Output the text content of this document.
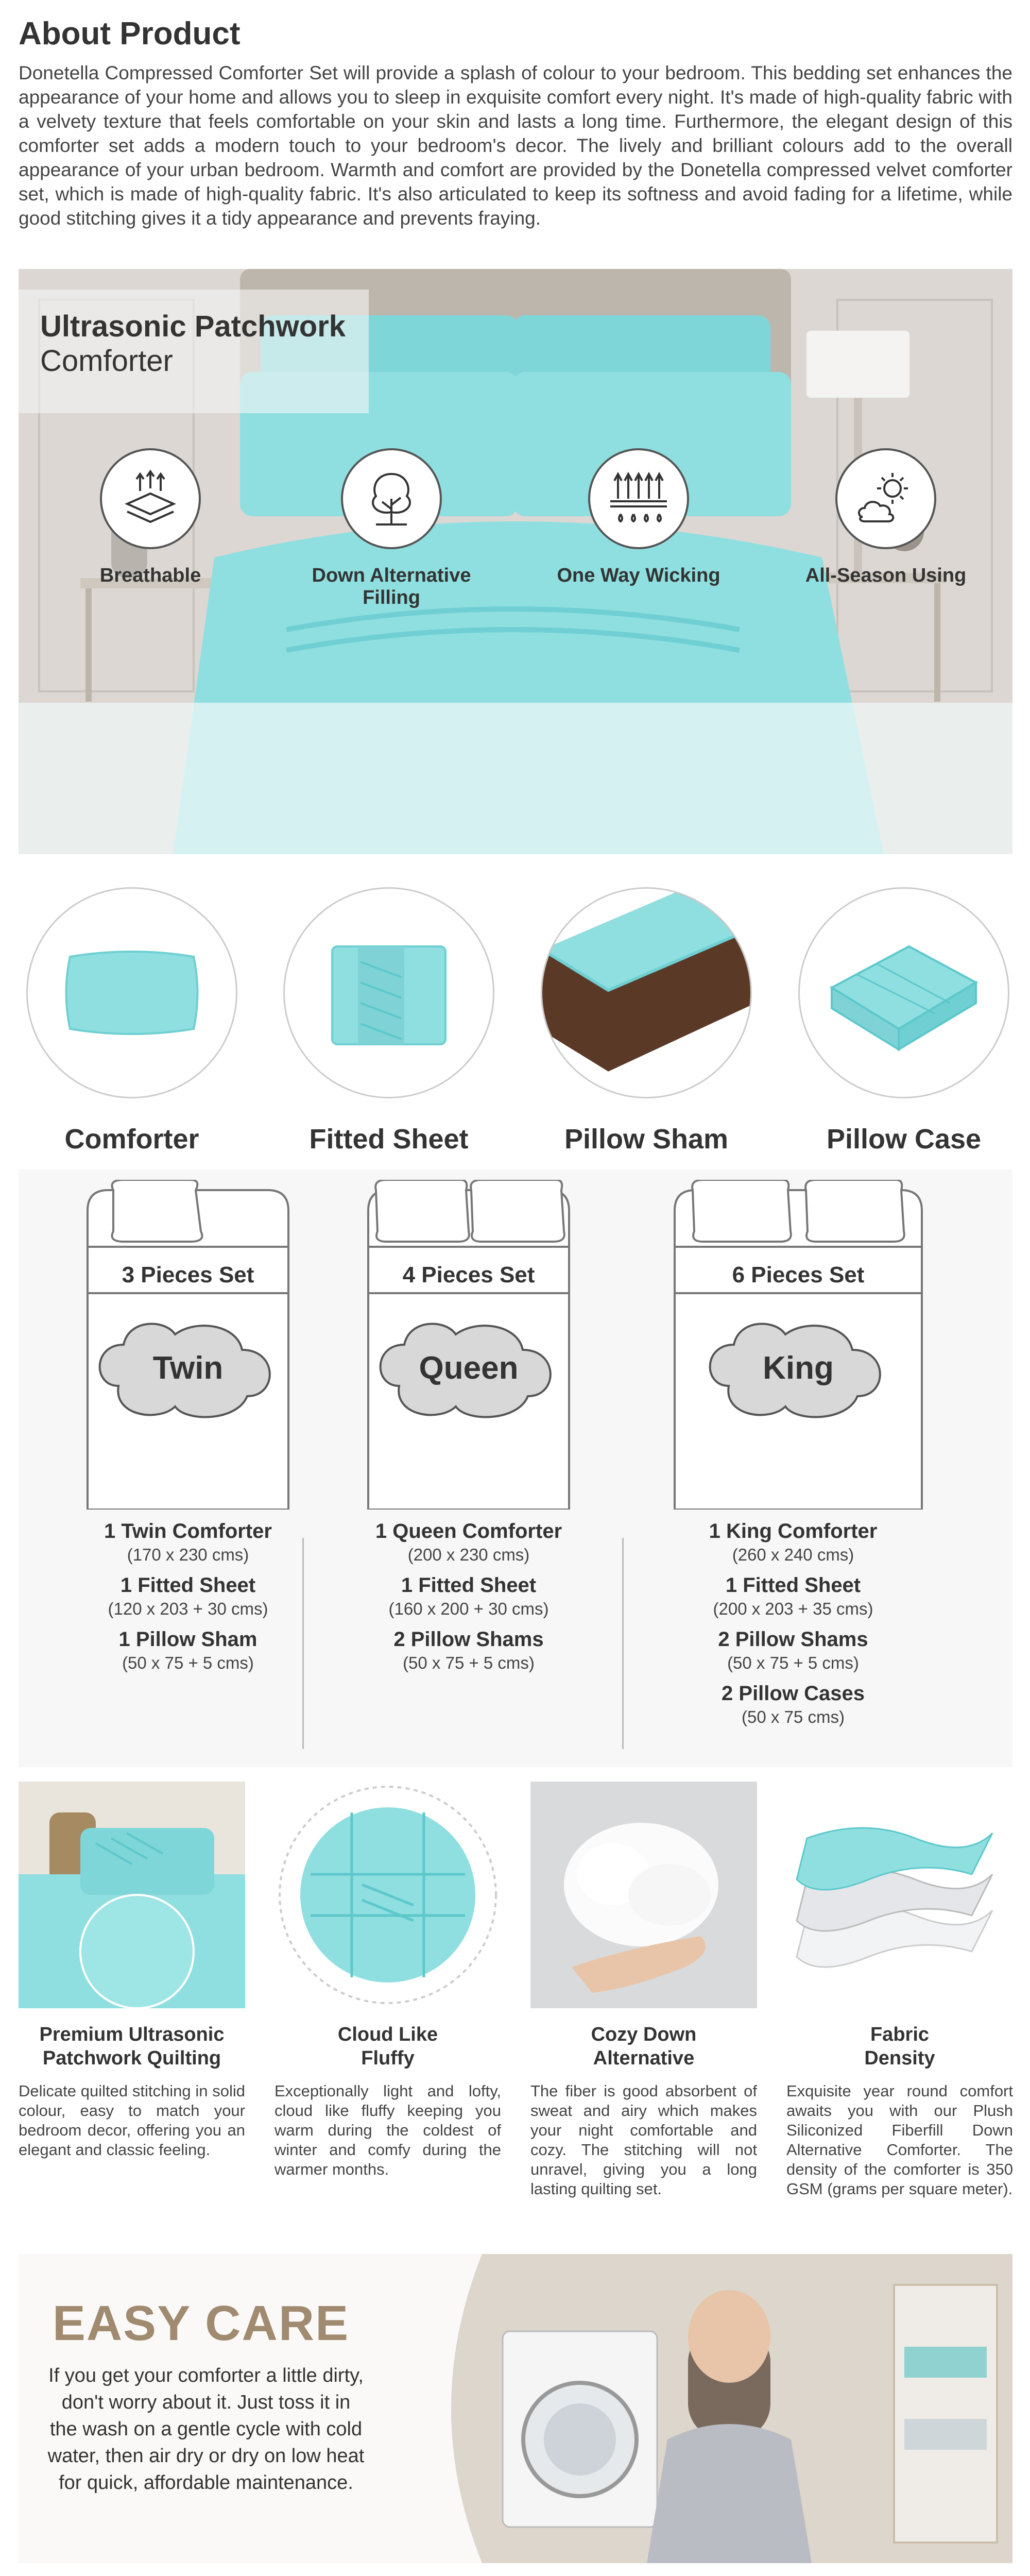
About Product
Donetella Compressed Comforter Set will provide a splash of colour to your bedroom. This bedding set enhances the appearance of your home and allows you to sleep in exquisite comfort every night. It's made of high-quality fabric with a velvety texture that feels comfortable on your skin and lasts a long time. Furthermore, the elegant design of this comforter set adds a modern touch to your bedroom's decor. The lively and brilliant colours add to the overall appearance of your urban bedroom. Warmth and comfort are provided by the Donetella compressed velvet comforter set, which is made of high-quality fabric. It's also articulated to keep its softness and avoid fading for a lifetime, while good stitching gives it a tidy appearance and prevents fraying.
Ultrasonic Patchwork
Comforter
Breathable	Down Alternative Filling
One Way Wicking	All-Season Using
Comforter	Fitted Sheet	Pillow Sham	Pillow Case
3 Pieces Set
Twin
1 Twin Comforter
(170 x 230 cms)
1 Fitted Sheet
(120 x 203 + 30 cms)
1 Pillow Sham
(50 x 75 + 5 cms)
4 Pieces Set
Queen
1 Queen Comforter
(200 x 230 cms)
1 Fitted Sheet
(160 x 200 + 30 cms)
2 Pillow Shams
(50 x 75 + 5 cms)
6 Pieces Set
King
1 King Comforter
(260 x 240 cms)
1 Fitted Sheet
(200 x 203 + 35 cms)
2 Pillow Shams
(50 x 75 + 5 cms)
2 Pillow Cases
(50 x 75 cms)
Premium Ultrasonic
Patchwork Quilting
Delicate quilted stitching in solid colour, easy to match your bedroom decor, offering you an elegant and classic feeling.
Cloud Like
Fluffy
Exceptionally light and lofty, cloud like fluffy keeping you warm during the coldest of winter and comfy during the warmer months.
Cozy Down
Alternative
The fiber is good absorbent of sweat and airy which makes your night comfortable and cozy. The stitching will not unravel, giving you a long lasting quilting set.
Fabric
Density
Exquisite year round comfort awaits you with our Plush Siliconized Fiberfill Down Alternative Comforter. The density of the comforter is 350 GSM (grams per square meter).
EASY CARE
If you get your comforter a little dirty, don't worry about it. Just toss it in the wash on a gentle cycle with cold water, then air dry or dry on low heat for quick, affordable maintenance.
